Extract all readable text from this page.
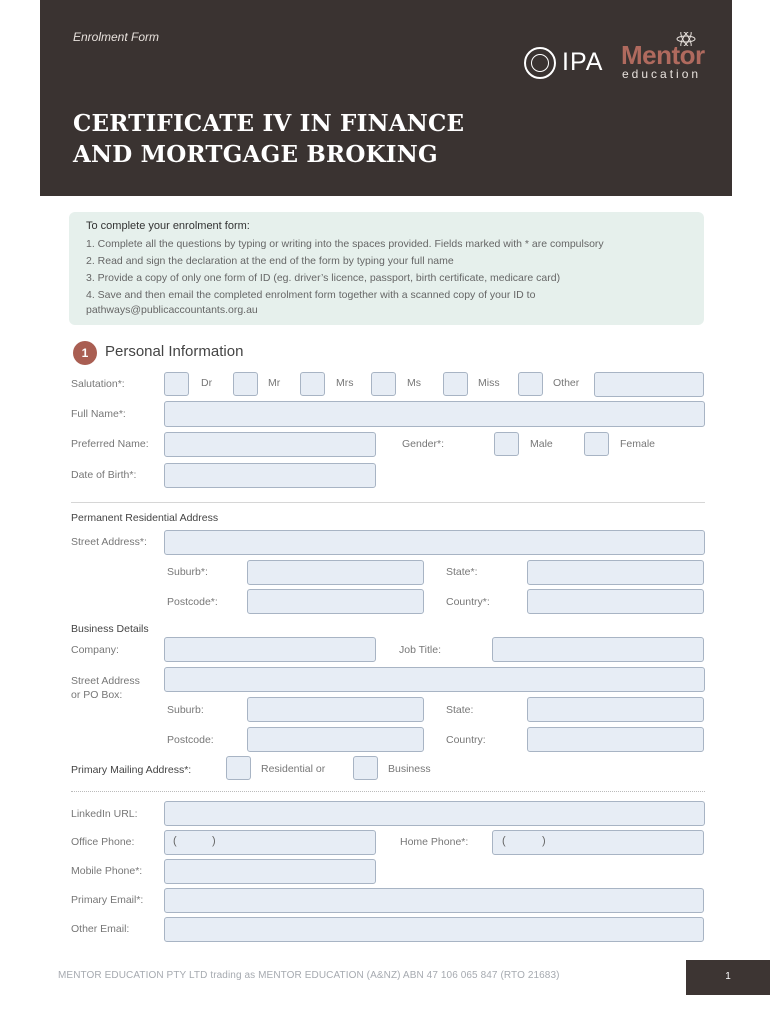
Enrolment Form
CERTIFICATE IV IN FINANCE
AND MORTGAGE BROKING
IPA Mentor
education
To complete your enrolment form:
1. Complete all the questions by typing or writing into the spaces provided. Fields marked with * are compulsory
2. Read and sign the declaration at the end of the form by typing your full name
3. Provide a copy of only one form of ID (eg. driver’s licence, passport, birth certificate, medicare card)
4. Save and then email the completed enrolment form together with a scanned copy of your ID to
pathways@publicaccountants.org.au
1	Personal Information
Salutation*:	Dr	Mr	Mrs	Ms	Miss	Other
Full Name*:
Preferred Name:	Gender*:	Male	Female
Date of Birth*:
Permanent Residential Address
Street Address*:
Suburb*:	State*:
Postcode*:	Country*:
Business Details
Company:	Job Title:
Street Address
or PO Box:
Suburb:	State:
Postcode:	Country:
Primary Mailing Address*:	Residential or	Business
LinkedIn URL:
Office Phone:	(	)	Home Phone*:	(	)
Mobile Phone*:
Primary Email*:
Other Email:
MENTOR EDUCATION PTY LTD trading as MENTOR EDUCATION (A&NZ) ABN 47 106 065 847 (RTO 21683)	1
